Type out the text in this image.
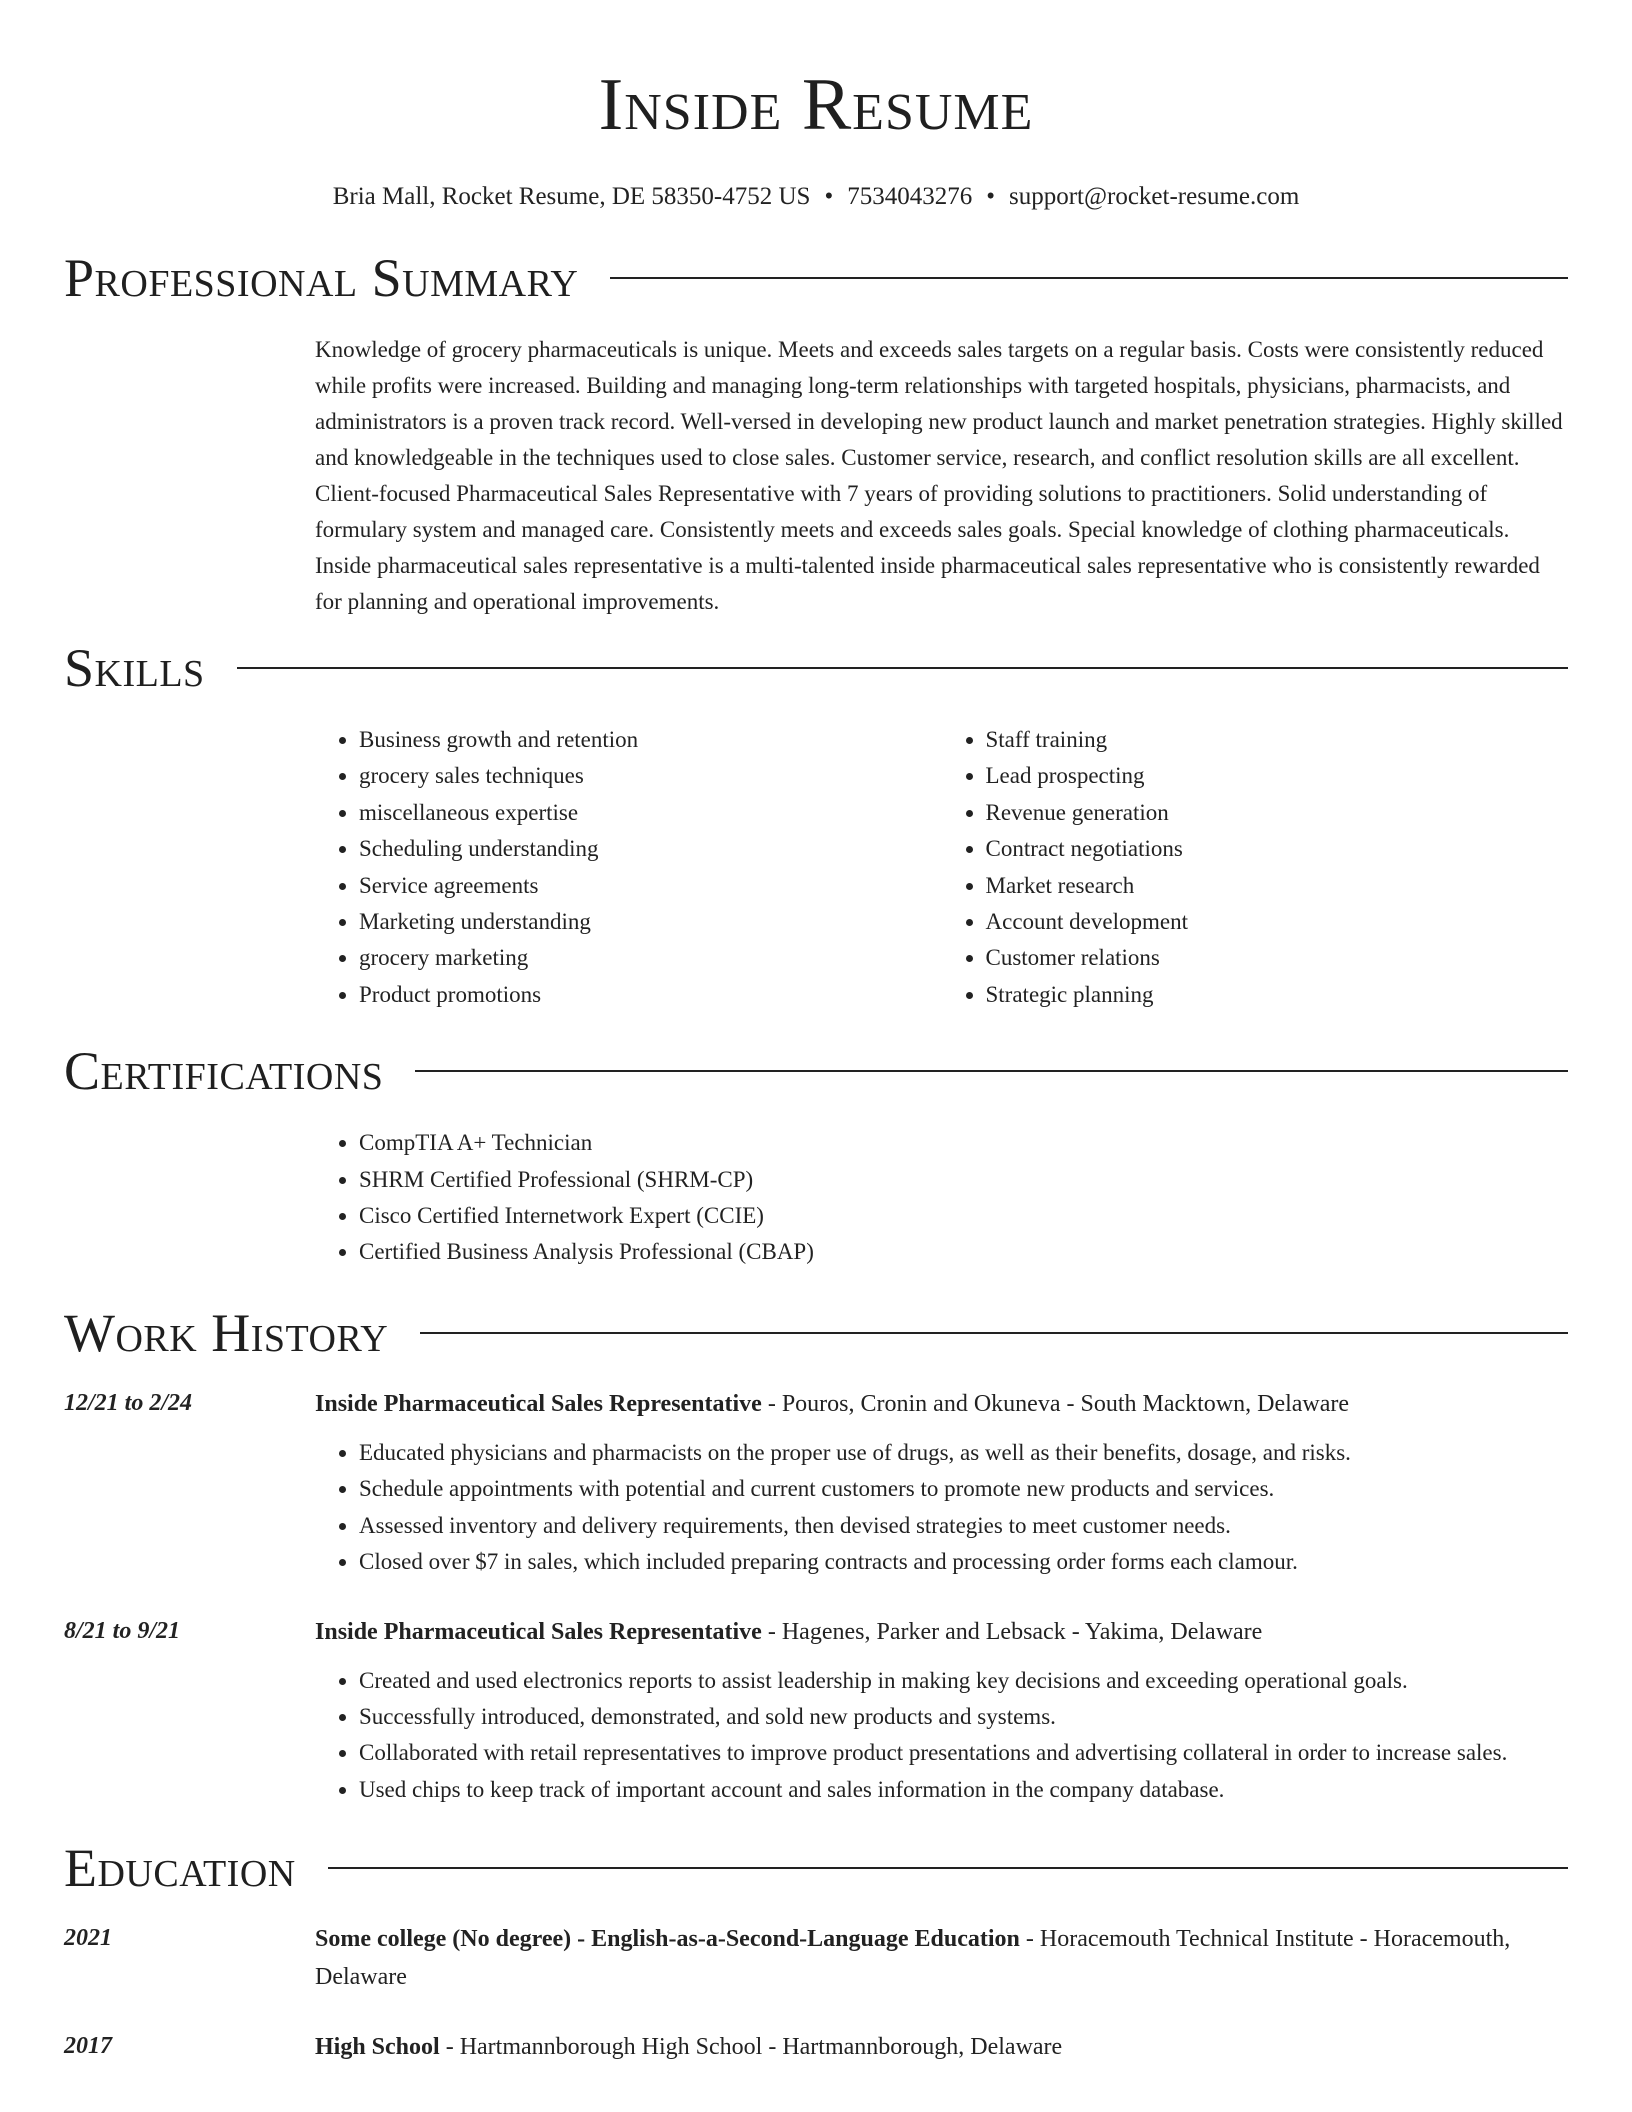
Inside Resume
Bria Mall, Rocket Resume, DE 58350-4752 US • 7534043276 • support@rocket-resume.com
Professional Summary

Knowledge of grocery pharmaceuticals is unique. Meets and exceeds sales targets on a regular basis. Costs were consistently reduced while profits were increased. Building and managing long-term relationships with targeted hospitals, physicians, pharmacists, and administrators is a proven track record. Well-versed in developing new product launch and market penetration strategies. Highly skilled and knowledgeable in the techniques used to close sales. Customer service, research, and conflict resolution skills are all excellent. Client-focused Pharmaceutical Sales Representative with 7 years of providing solutions to practitioners. Solid understanding of formulary system and managed care. Consistently meets and exceeds sales goals. Special knowledge of clothing pharmaceuticals. Inside pharmaceutical sales representative is a multi-talented inside pharmaceutical sales representative who is consistently rewarded for planning and operational improvements.

Skills
• Business growth and retention
• grocery sales techniques
• miscellaneous expertise
• Scheduling understanding
• Service agreements
• Marketing understanding
• grocery marketing
• Product promotions
• Staff training
• Lead prospecting
• Revenue generation
• Contract negotiations
• Market research
• Account development
• Customer relations
• Strategic planning
Certifications
• CompTIA A+ Technician
• SHRM Certified Professional (SHRM-CP)
• Cisco Certified Internetwork Expert (CCIE)
• Certified Business Analysis Professional (CBAP)
Work History
12/21 to 2/24	Inside Pharmaceutical Sales Representative - Pouros, Cronin and Okuneva - South Macktown, Delaware
• Educated physicians and pharmacists on the proper use of drugs, as well as their benefits, dosage, and risks.
• Schedule appointments with potential and current customers to promote new products and services.
• Assessed inventory and delivery requirements, then devised strategies to meet customer needs.
• Closed over $7 in sales, which included preparing contracts and processing order forms each clamour.
8/21 to 9/21	Inside Pharmaceutical Sales Representative - Hagenes, Parker and Lebsack - Yakima, Delaware
• Created and used electronics reports to assist leadership in making key decisions and exceeding operational goals.
• Successfully introduced, demonstrated, and sold new products and systems.
• Collaborated with retail representatives to improve product presentations and advertising collateral in order to increase sales.
• Used chips to keep track of important account and sales information in the company database.
Education
2021	Some college (No degree) - English-as-a-Second-Language Education - Horacemouth Technical Institute - Horacemouth, Delaware
2017	High School - Hartmannborough High School - Hartmannborough, Delaware
